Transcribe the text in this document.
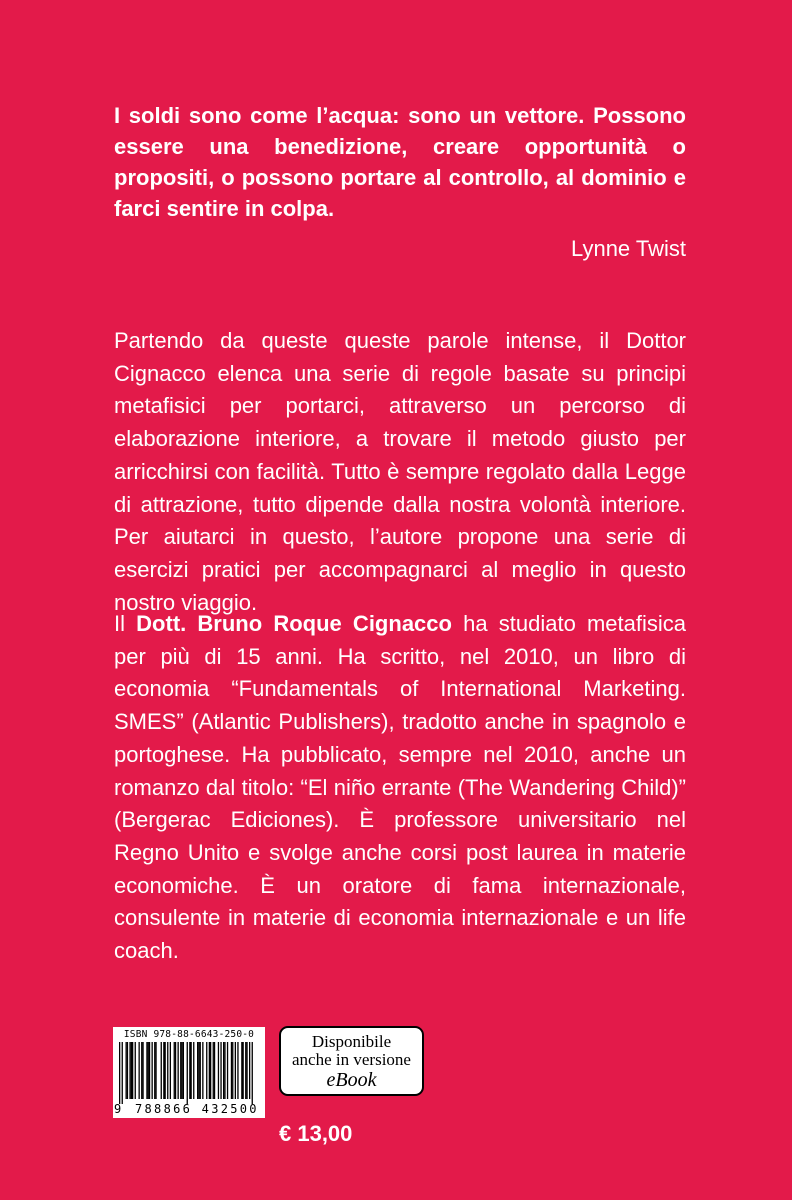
I soldi sono come l’acqua: sono un vettore. Possono essere una benedizione, creare opportunità o propositi, o possono portare al controllo, al dominio e farci sentire in colpa.

Lynne Twist

Partendo da queste queste parole intense, il Dottor Cignacco elenca una serie di regole basate su principi metafisici per portarci, attraverso un percorso di elaborazione interiore, a trovare il metodo giusto per arricchirsi con facilità. Tutto è sempre regolato dalla Legge di attrazione, tutto dipende dalla nostra volontà interiore. Per aiutarci in questo, l’autore propone una serie di esercizi pratici per accompagnarci al meglio in questo nostro viaggio.

Il Dott. Bruno Roque Cignacco ha studiato metafisica per più di 15 anni. Ha scritto, nel 2010, un libro di economia “Fundamentals of International Marketing. SMES” (Atlantic Publishers), tradotto anche in spagnolo e portoghese. Ha pubblicato, sempre nel 2010, anche un romanzo dal titolo: “El niño errante (The Wandering Child)” (Bergerac Ediciones). È professore universitario nel Regno Unito e svolge anche corsi post laurea in materie economiche. È un oratore di fama internazionale, consulente in materie di economia internazionale e un life coach.

ISBN 978-88-6643-250-0
9 788866 432500
Disponibile
anche in versione
eBook
€ 13,00
